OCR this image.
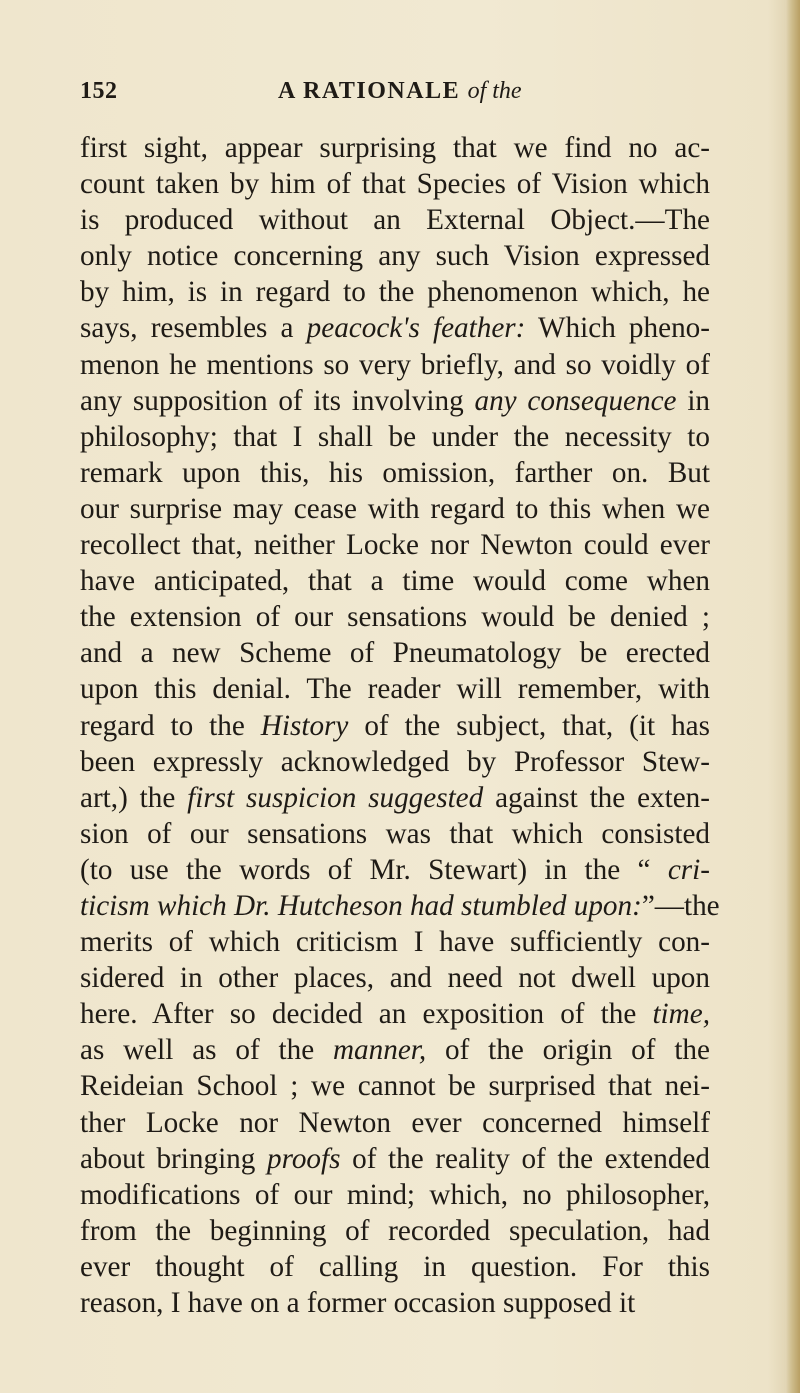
152	A RATIONALE of the
first sight, appear surprising that we find no ac-
count taken by him of that Species of Vision which
is produced without an External Object.—The
only notice concerning any such Vision expressed
by him, is in regard to the phenomenon which, he
says, resembles a peacock's feather: Which pheno-
menon he mentions so very briefly, and so voidly of
any supposition of its involving any consequence in
philosophy; that I shall be under the necessity to
remark upon this, his omission, farther on. But
our surprise may cease with regard to this when we
recollect that, neither Locke nor Newton could ever
have anticipated, that a time would come when
the extension of our sensations would be denied ;
and a new Scheme of Pneumatology be erected
upon this denial. The reader will remember, with
regard to the History of the subject, that, (it has
been expressly acknowledged by Professor Stew-
art,) the first suspicion suggested against the exten-
sion of our sensations was that which consisted
(to use the words of Mr. Stewart) in the “ cri-
ticism which Dr. Hutcheson had stumbled upon:”—the
merits of which criticism I have sufficiently con-
sidered in other places, and need not dwell upon
here. After so decided an exposition of the time,
as well as of the manner, of the origin of the
Reideian School ; we cannot be surprised that nei-
ther Locke nor Newton ever concerned himself
about bringing proofs of the reality of the extended
modifications of our mind; which, no philosopher,
from the beginning of recorded speculation, had
ever thought of calling in question. For this
reason, I have on a former occasion supposed it
